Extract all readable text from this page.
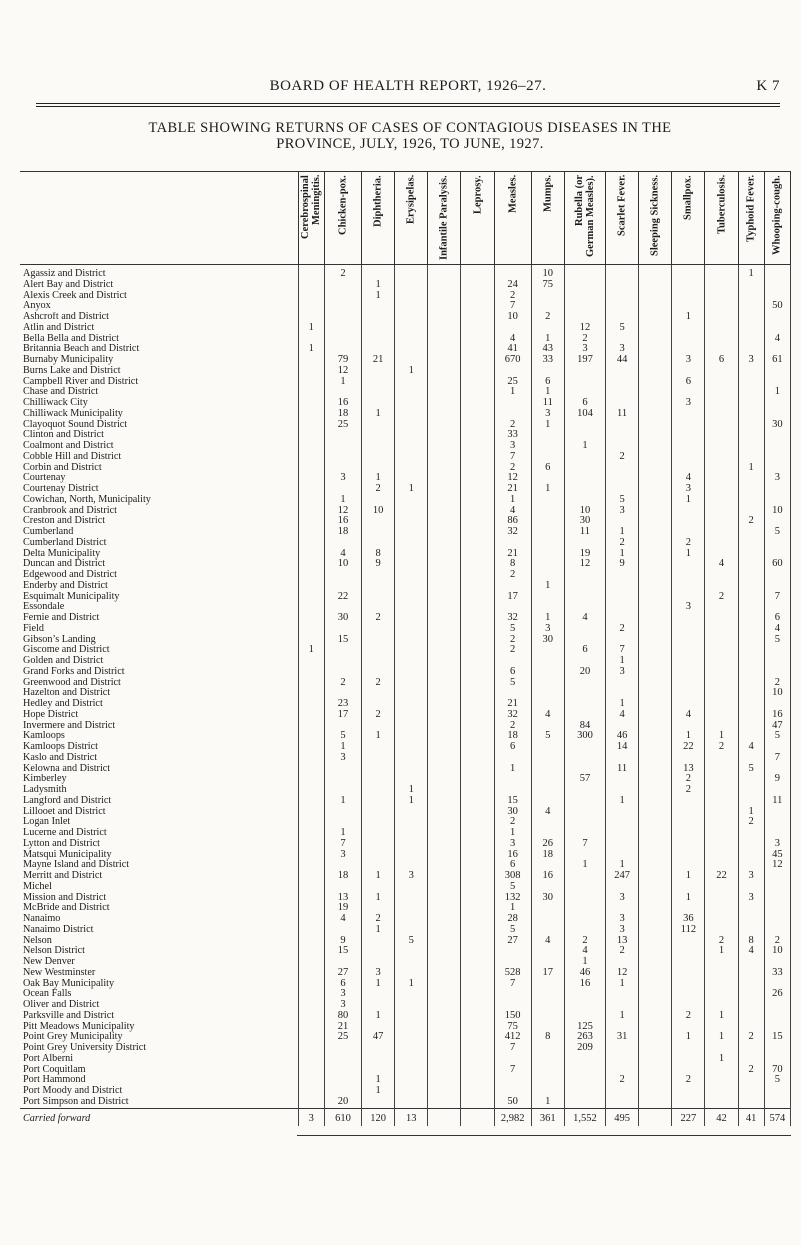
BOARD OF HEALTH REPORT, 1926–27.	K 7
TABLE SHOWING RETURNS OF CASES OF CONTAGIOUS DISEASES IN THE
PROVINCE, JULY, 1926, TO JUNE, 1927.

	Cerebrospinal Meningitis.	Chicken-pox.	Diphtheria.	Erysipelas.	Infantile Paralysis.	Leprosy.	Measles.	Mumps.	Rubella (or German Measles).	Scarlet Fever.	Sleeping Sickness.	Smallpox.	Tuberculosis.	Typhoid Fever.	Whooping-cough.

Agassiz and District		2						10						1	
Alert Bay and District			1				24	75							
Alexis Creek and District			1				2								
Anyox							7								50
Ashcroft and District							10	2				1			
Atlin and District	1								12	5					
Bella Bella and District							4	1	2						4
Britannia Beach and District	1						41	43	3	3					
Burnaby Municipality		79	21				670	33	197	44		3	6	3	61
Burns Lake and District		12		1											
Campbell River and District		1					25	6				6			
Chase and District							1	1							1
Chilliwack City		16						11	6			3			
Chilliwack Municipality		18	1					3	104	11					
Clayoquot Sound District		25					2	1							30
Clinton and District							33								
Coalmont and District							3		1						
Cobble Hill and District							7			2					
Corbin and District							2	6						1	
Courtenay		3	1				12					4			3
Courtenay District			2	1			21	1				3			
Cowichan, North, Municipality		1					1			5		1			
Cranbrook and District		12	10				4		10	3					10
Creston and District		16					86		30					2	
Cumberland		18					32		11	1					5
Cumberland District										2		2			
Delta Municipality		4	8				21		19	1		1			
Duncan and District		10	9				8		12	9			4		60
Edgewood and District							2								
Enderby and District								1							
Esquimalt Municipality		22					17						2		7
Essondale												3			
Fernie and District		30	2				32	1	4						6
Field							5	3		2					4
Gibson’s Landing		15					2	30							5
Giscome and District	1						2		6	7					
Golden and District										1					
Grand Forks and District							6		20	3					
Greenwood and District		2	2				5								2
Hazelton and District															10
Hedley and District		23					21			1					
Hope District		17	2				32	4		4		4			16
Invermere and District							2		84						47
Kamloops		5	1				18	5	300	46		1	1		5
Kamloops District		1					6			14		22	2	4	
Kaslo and District		3													7
Kelowna and District							1			11		13		5	
Kimberley									57			2			9
Ladysmith				1								2			
Langford and District		1		1			15			1					11
Lillooet and District							30	4						1	
Logan Inlet							2							2	
Lucerne and District		1					1								
Lytton and District		7					3	26	7						3
Matsqui Municipality		3					16	18							45
Mayne Island and District							6		1	1					12
Merritt and District		18	1	3			308	16		247		1	22	3	
Michel							5								
Mission and District		13	1				132	30		3		1		3	
McBride and District		19					1								
Nanaimo		4	2				28			3		36			
Nanaimo District			1				5			3		112			
Nelson		9		5			27	4	2	13			2	8	2
Nelson District		15							4	2			1	4	10
New Denver									1						
New Westminster		27	3				528	17	46	12					33
Oak Bay Municipality		6	1	1			7		16	1					
Ocean Falls		3													26
Oliver and District		3													
Parksville and District		80	1				150			1		2	1		
Pitt Meadows Municipality		21					75		125						
Point Grey Municipality		25	47				412	8	263	31		1	1	2	15
Point Grey University District							7		209						
Port Alberni													1		
Port Coquitlam							7							2	70
Port Hammond			1							2		2			5
Port Moody and District			1												
Port Simpson and District		20					50	1							
Carried forward	3	610	120	13			2,982	361	1,552	495		227	42	41	574
